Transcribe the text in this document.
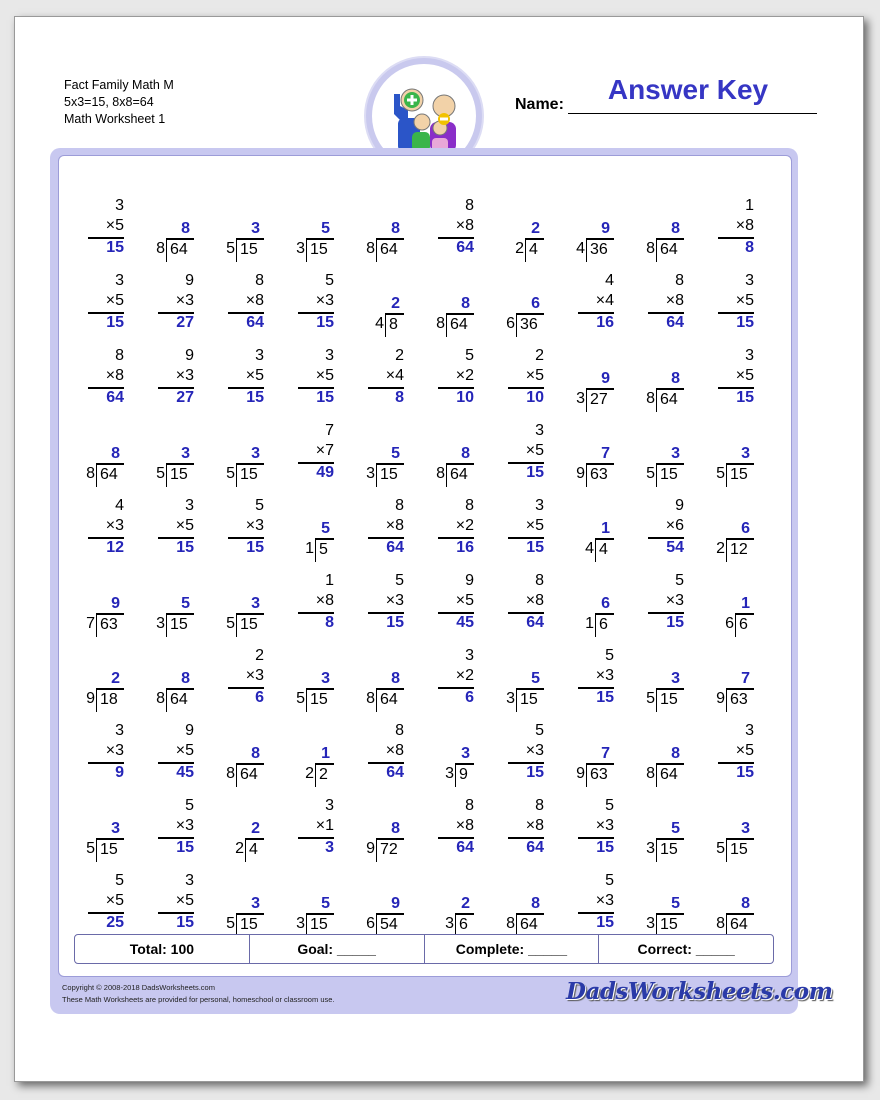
Fact Family Math M
5x3=15, 8x8=64
Math Worksheet 1
Answer Key
Name:
3
×5
15
8
8 64
3
5 15
5
3 15
8
8 64
8
×8
64
2
2 4
9
4 36
8
8 64
1
×8
8
3
×5
15
9
×3
27
8
×8
64
5
×3
15
2
4 8
8
8 64
6
6 36
4
×4
16
8
×8
64
3
×5
15
8
×8
64
9
×3
27
3
×5
15
3
×5
15
2
×4
8
5
×2
10
2
×5
10
9
3 27
8
8 64
3
×5
15
8
8 64
3
5 15
3
5 15
7
×7
49
5
3 15
8
8 64
3
×5
15
7
9 63
3
5 15
3
5 15
4
×3
12
3
×5
15
5
×3
15
5
1 5
8
×8
64
8
×2
16
3
×5
15
1
4 4
9
×6
54
6
2 12
9
7 63
5
3 15
3
5 15
1
×8
8
5
×3
15
9
×5
45
8
×8
64
6
1 6
5
×3
15
1
6 6
2
9 18
8
8 64
2
×3
6
3
5 15
8
8 64
3
×2
6
5
3 15
5
×3
15
3
5 15
7
9 63
3
×3
9
9
×5
45
8
8 64
1
2 2
8
×8
64
3
3 9
5
×3
15
7
9 63
8
8 64
3
×5
15
3
5 15
5
×3
15
2
2 4
3
×1
3
8
9 72
8
×8
64
8
×8
64
5
×3
15
5
3 15
3
5 15
5
×5
25
3
×5
15
3
5 15
5
3 15
9
6 54
2
3 6
8
8 64
5
×3
15
5
3 15
8
8 64
Total: 100	Goal: _____	Complete: _____	Correct: _____
Copyright © 2008-2018 DadsWorksheets.com
These Math Worksheets are provided for personal, homeschool or classroom use.	DadsWorksheets.com
